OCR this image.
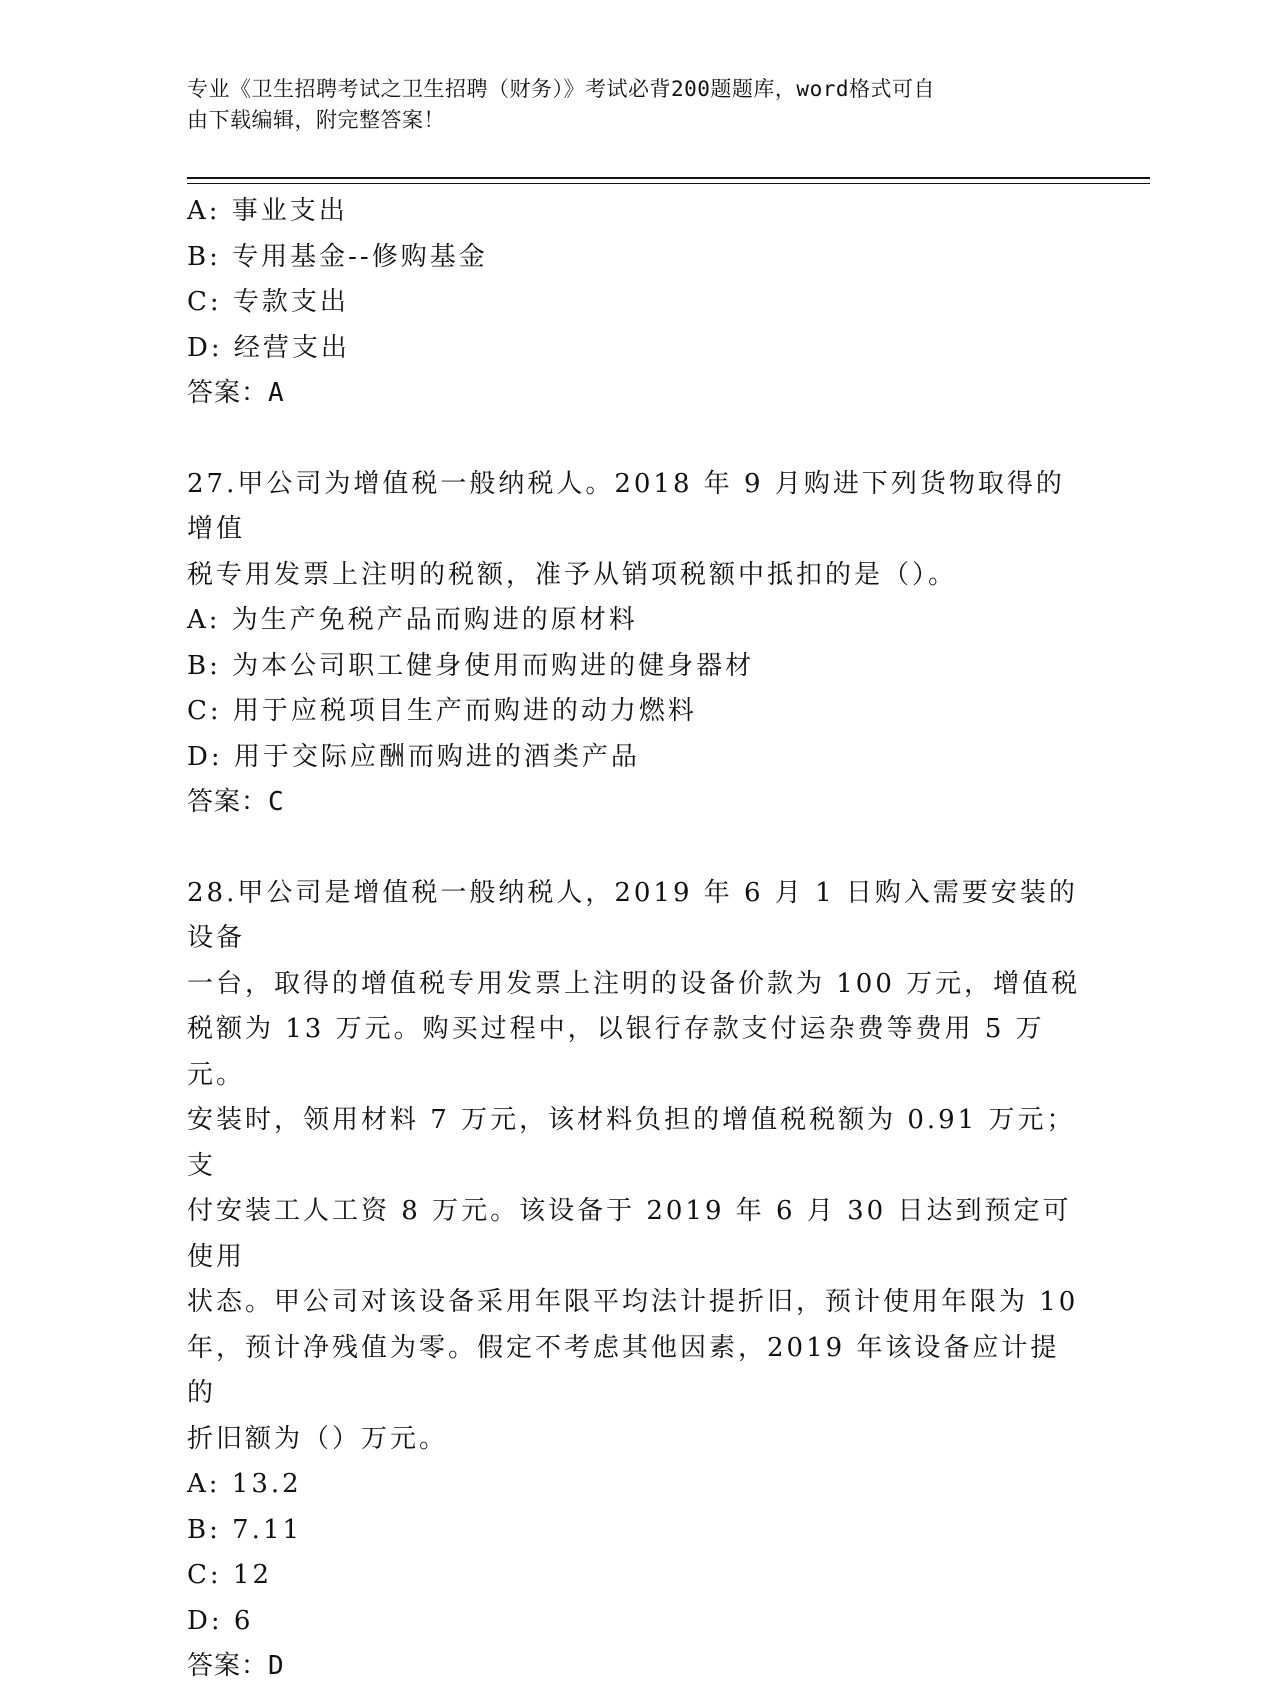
专业《卫生招聘考试之卫生招聘（财务）》考试必背200题题库，word格式可自
由下载编辑，附完整答案！

A: 事业支出

B: 专用基金--修购基金

C: 专款支出

D: 经营支出

答案：A

27.甲公司为增值税一般纳税人。2018 年 9 月购进下列货物取得的增值

税专用发票上注明的税额，准予从销项税额中抵扣的是（）。

A: 为生产免税产品而购进的原材料

B: 为本公司职工健身使用而购进的健身器材

C: 用于应税项目生产而购进的动力燃料

D: 用于交际应酬而购进的酒类产品

答案：C

28.甲公司是增值税一般纳税人，2019 年 6 月 1 日购入需要安装的设备

一台，取得的增值税专用发票上注明的设备价款为 100 万元，增值税

税额为 13 万元。购买过程中，以银行存款支付运杂费等费用 5 万元。

安装时，领用材料 7 万元，该材料负担的增值税税额为 0.91 万元；支

付安装工人工资 8 万元。该设备于 2019 年 6 月 30 日达到预定可使用

状态。甲公司对该设备采用年限平均法计提折旧，预计使用年限为 10

年，预计净残值为零。假定不考虑其他因素，2019 年该设备应计提的

折旧额为（）万元。

A: 13.2

B: 7.11

C: 12

D: 6

答案：D
